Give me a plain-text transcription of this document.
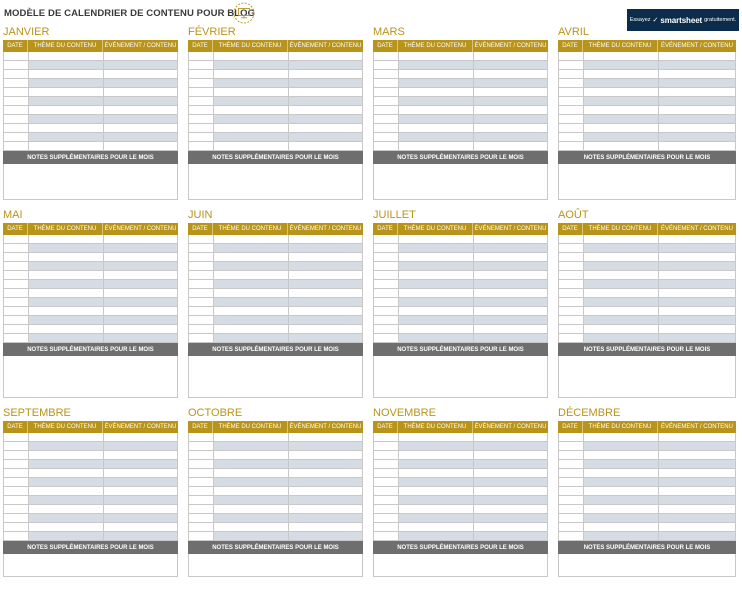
MODÈLE DE CALENDRIER DE CONTENU POUR BLOG
Essayez ✓ smartsheet gratuitement.
JANVIER
DATE	THÈME DU CONTENU	ÉVÉNEMENT / CONTENU
NOTES SUPPLÉMENTAIRES POUR LE MOIS
FÉVRIER
DATE	THÈME DU CONTENU	ÉVÉNEMENT / CONTENU
NOTES SUPPLÉMENTAIRES POUR LE MOIS
MARS
DATE	THÈME DU CONTENU	ÉVÉNEMENT / CONTENU
NOTES SUPPLÉMENTAIRES POUR LE MOIS
AVRIL
DATE	THÈME DU CONTENU	ÉVÉNEMENT / CONTENU
NOTES SUPPLÉMENTAIRES POUR LE MOIS
MAI
DATE	THÈME DU CONTENU	ÉVÉNEMENT / CONTENU
NOTES SUPPLÉMENTAIRES POUR LE MOIS
JUIN
DATE	THÈME DU CONTENU	ÉVÉNEMENT / CONTENU
NOTES SUPPLÉMENTAIRES POUR LE MOIS
JUILLET
DATE	THÈME DU CONTENU	ÉVÉNEMENT / CONTENU
NOTES SUPPLÉMENTAIRES POUR LE MOIS
AOÛT
DATE	THÈME DU CONTENU	ÉVÉNEMENT / CONTENU
NOTES SUPPLÉMENTAIRES POUR LE MOIS
SEPTEMBRE
DATE	THÈME DU CONTENU	ÉVÉNEMENT / CONTENU
NOTES SUPPLÉMENTAIRES POUR LE MOIS
OCTOBRE
DATE	THÈME DU CONTENU	ÉVÉNEMENT / CONTENU
NOTES SUPPLÉMENTAIRES POUR LE MOIS
NOVEMBRE
DATE	THÈME DU CONTENU	ÉVÉNEMENT / CONTENU
NOTES SUPPLÉMENTAIRES POUR LE MOIS
DÉCEMBRE
DATE	THÈME DU CONTENU	ÉVÉNEMENT / CONTENU
NOTES SUPPLÉMENTAIRES POUR LE MOIS
